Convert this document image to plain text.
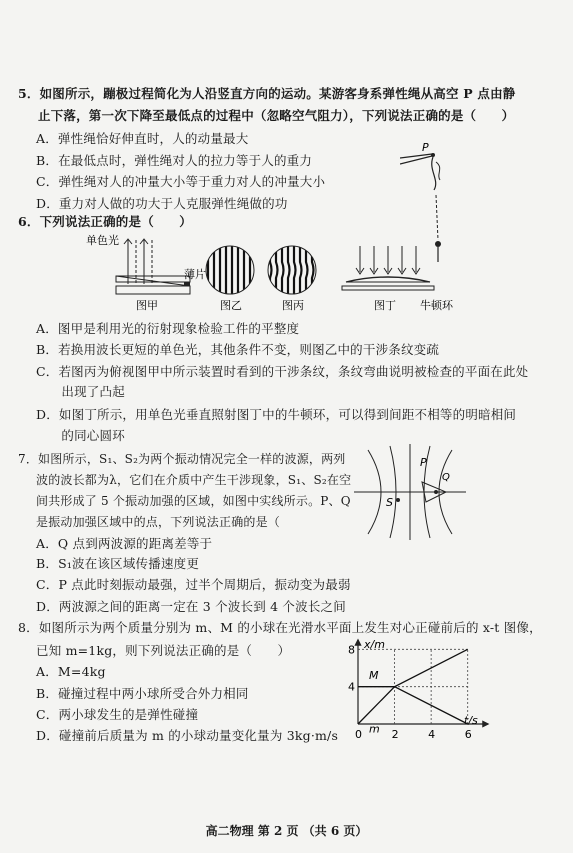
5．如图所示，蹦极过程简化为人沿竖直方向的运动。某游客身系弹性绳从高空 P 点由静
止下落，第一次下降至最低点的过程中（忽略空气阻力），下列说法正确的是（　　）
A．弹性绳恰好伸直时，人的动量最大
B．在最低点时，弹性绳对人的拉力等于人的重力
C．弹性绳对人的冲量大小等于重力对人的冲量大小
D．重力对人做的功大于人克服弹性绳做的功
P
6．下列说法正确的是（　　）
单色光
薄片
图甲	图乙	图丙	图丁 牛顿环
A．图甲是利用光的衍射现象检验工件的平整度
B．若换用波长更短的单色光，其他条件不变，则图乙中的干涉条纹变疏
C．若图丙为俯视图甲中所示装置时看到的干涉条纹，条纹弯曲说明被检查的平面在此处
　　出现了凸起
D．如图丁所示，用单色光垂直照射图丁中的牛顿环，可以得到间距不相等的明暗相间
　　的同心圆环
7．如图所示，S₁、S₂为两个振动情况完全一样的波源，两列
波的波长都为λ，它们在介质中产生干涉现象，S₁、S₂在空
间共形成了 5 个振动加强的区域，如图中实线所示。P、Q
是振动加强区域中的点，下列说法正确的是（
A．Q 点到两波源的距离差等于
B．S₁波在该区域传播速度更
C．P 点此时刻振动最强，过半个周期后，振动变为最弱
D．两波源之间的距离一定在 3 个波长到 4 个波长之间
P
S
Q
8．如图所示为两个质量分别为 m、M 的小球在光滑水平面上发生对心正碰前后的 x-t 图像，
已知 m=1kg，则下列说法正确的是（　　）
A．M=4kg
B．碰撞过程中两小球所受合外力相同
C．两小球发生的是弹性碰撞
D．碰撞前后质量为 m 的小球动量变化量为 3kg·m/s
x/m
t/s
4
8
0	2	4	6
M
m
高二物理 第 2 页 （共 6 页）
